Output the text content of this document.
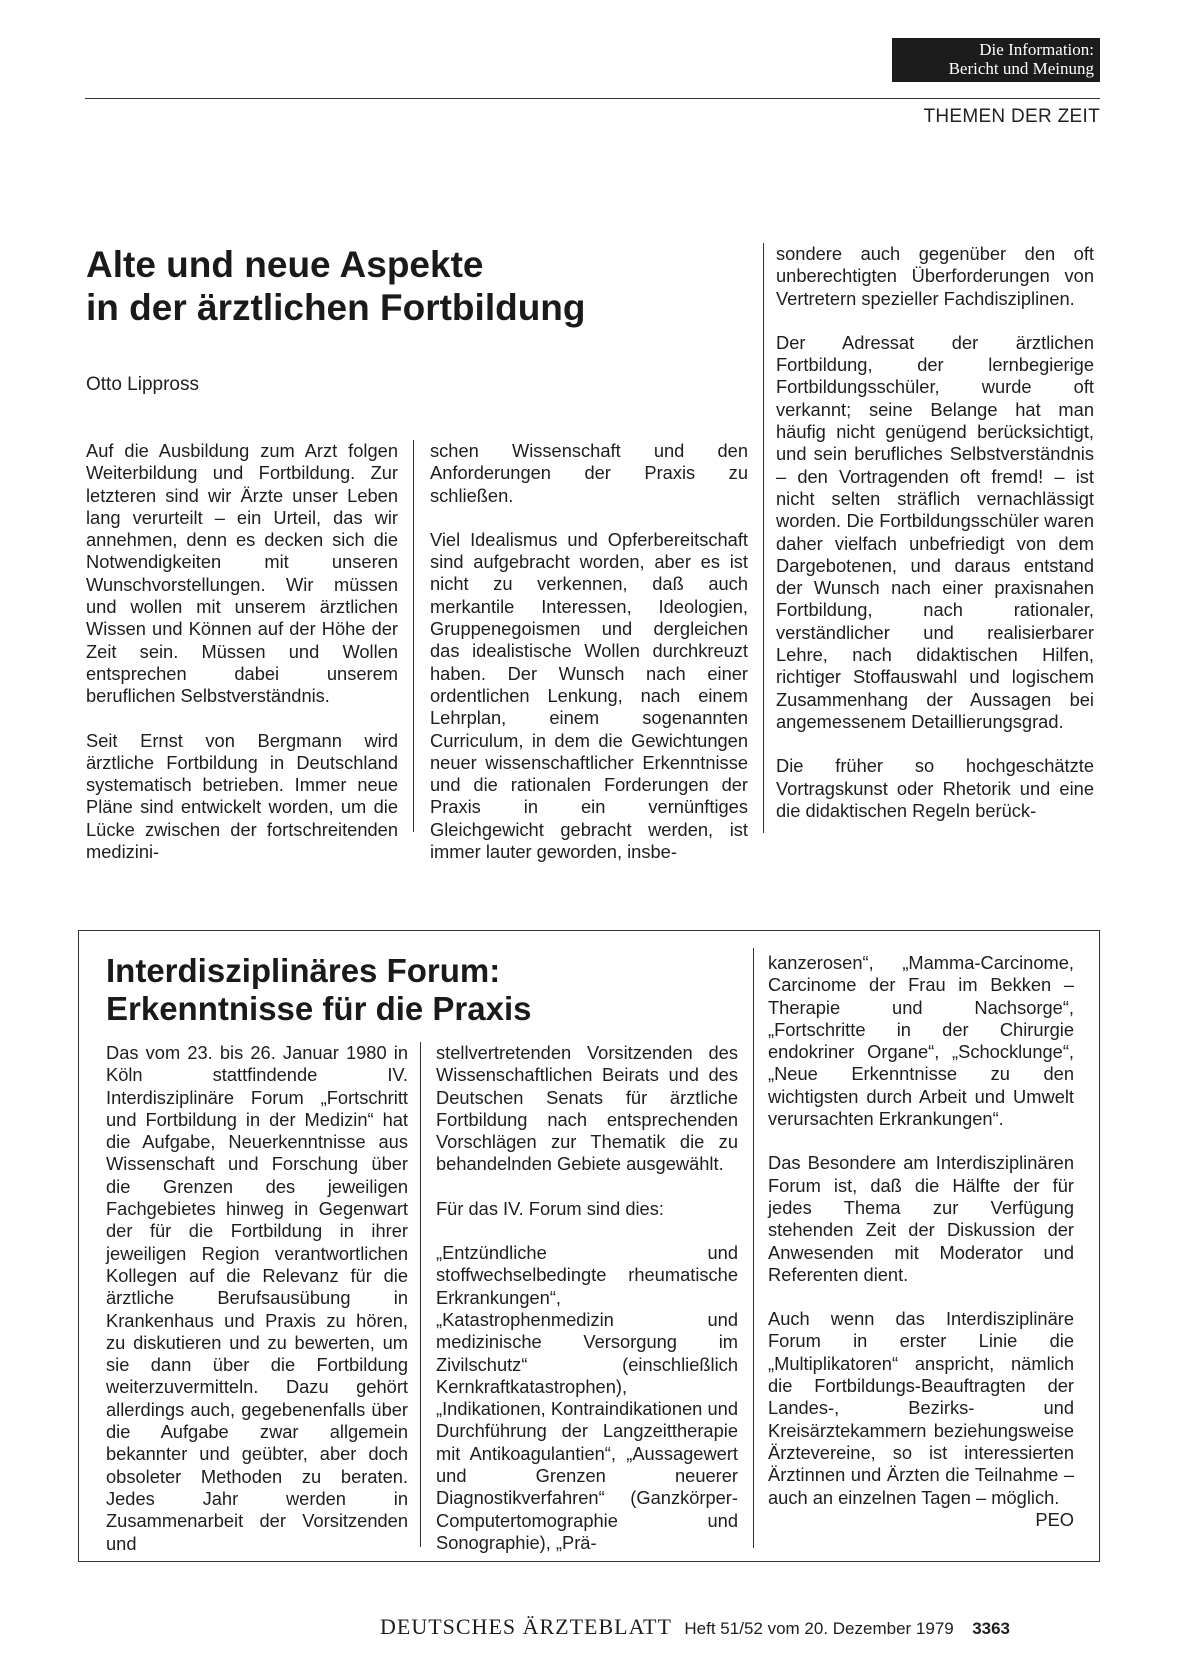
Die Information:
Bericht und Meinung
THEMEN DER ZEIT
Alte und neue Aspekte
in der ärztlichen Fortbildung
Otto Lippross

Auf die Ausbildung zum Arzt folgen Weiterbildung und Fortbildung. Zur letzteren sind wir Ärzte unser Leben lang verurteilt – ein Urteil, das wir annehmen, denn es decken sich die Notwendigkeiten mit unseren Wunschvorstellungen. Wir müssen und wollen mit unserem ärztlichen Wissen und Können auf der Höhe der Zeit sein. Müssen und Wollen entsprechen dabei unserem beruflichen Selbstverständnis.

Seit Ernst von Bergmann wird ärztliche Fortbildung in Deutschland systematisch betrieben. Immer neue Pläne sind entwickelt worden, um die Lücke zwischen der fortschreitenden medizini-

schen Wissenschaft und den Anforderungen der Praxis zu schließen.

Viel Idealismus und Opferbereitschaft sind aufgebracht worden, aber es ist nicht zu verkennen, daß auch merkantile Interessen, Ideologien, Gruppenegoismen und dergleichen das idealistische Wollen durchkreuzt haben. Der Wunsch nach einer ordentlichen Lenkung, nach einem Lehrplan, einem sogenannten Curriculum, in dem die Gewichtungen neuer wissenschaftlicher Erkenntnisse und die rationalen Forderungen der Praxis in ein vernünftiges Gleichgewicht gebracht werden, ist immer lauter geworden, insbe-

sondere auch gegenüber den oft unberechtigten Überforderungen von Vertretern spezieller Fachdisziplinen.

Der Adressat der ärztlichen Fortbildung, der lernbegierige Fortbildungsschüler, wurde oft verkannt; seine Belange hat man häufig nicht genügend berücksichtigt, und sein berufliches Selbstverständnis – den Vortragenden oft fremd! – ist nicht selten sträflich vernachlässigt worden. Die Fortbildungsschüler waren daher vielfach unbefriedigt von dem Dargebotenen, und daraus entstand der Wunsch nach einer praxisnahen Fortbildung, nach rationaler, verständlicher und realisierbarer Lehre, nach didaktischen Hilfen, richtiger Stoffauswahl und logischem Zusammenhang der Aussagen bei angemessenem Detaillierungsgrad.

Die früher so hochgeschätzte Vortragskunst oder Rhetorik und eine die didaktischen Regeln berück-

Interdisziplinäres Forum:
Erkenntnisse für die Praxis

Das vom 23. bis 26. Januar 1980 in Köln stattfindende IV. Interdisziplinäre Forum „Fortschritt und Fortbildung in der Medizin“ hat die Aufgabe, Neuerkenntnisse aus Wissenschaft und Forschung über die Grenzen des jeweiligen Fachgebietes hinweg in Gegenwart der für die Fortbildung in ihrer jeweiligen Region verantwortlichen Kollegen auf die Relevanz für die ärztliche Berufsausübung in Krankenhaus und Praxis zu hören, zu diskutieren und zu bewerten, um sie dann über die Fortbildung weiterzuvermitteln. Dazu gehört allerdings auch, gegebenenfalls über die Aufgabe zwar allgemein bekannter und geübter, aber doch obsoleter Methoden zu beraten. Jedes Jahr werden in Zusammenarbeit der Vorsitzenden und

stellvertretenden Vorsitzenden des Wissenschaftlichen Beirats und des Deutschen Senats für ärztliche Fortbildung nach entsprechenden Vorschlägen zur Thematik die zu behandelnden Gebiete ausgewählt.

Für das IV. Forum sind dies:

„Entzündliche und stoffwechselbedingte rheumatische Erkrankungen“, „Katastrophenmedizin und medizinische Versorgung im Zivilschutz“ (einschließlich Kernkraftkatastrophen), „Indikationen, Kontraindikationen und Durchführung der Langzeittherapie mit Antikoagulantien“, „Aussagewert und Grenzen neuerer Diagnostikverfahren“ (Ganzkörper-Computertomographie und Sonographie), „Prä-

kanzerosen“, „Mamma-Carcinome, Carcinome der Frau im Bekken – Therapie und Nachsorge“, „Fortschritte in der Chirurgie endokriner Organe“, „Schocklunge“, „Neue Erkenntnisse zu den wichtigsten durch Arbeit und Umwelt verursachten Erkrankungen“.

Das Besondere am Interdisziplinären Forum ist, daß die Hälfte der für jedes Thema zur Verfügung stehenden Zeit der Diskussion der Anwesenden mit Moderator und Referenten dient.

Auch wenn das Interdisziplinäre Forum in erster Linie die „Multiplikatoren“ anspricht, nämlich die Fortbildungs-Beauftragten der Landes-, Bezirks- und Kreisärztekammern beziehungsweise Ärztevereine, so ist interessierten Ärztinnen und Ärzten die Teilnahme – auch an einzelnen Tagen – möglich.
PEO

DEUTSCHES ÄRZTEBLATT Heft 51/52 vom 20. Dezember 1979 3363
